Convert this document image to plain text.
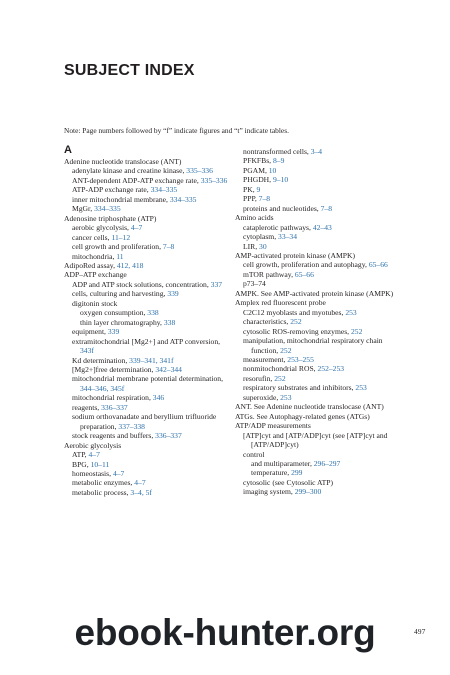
SUBJECT INDEX
Note: Page numbers followed by “f” indicate figures and “t” indicate tables.
A
Adenine nucleotide translocase (ANT)
adenylate kinase and creatine kinase, 335–336
ANT-dependent ADP-ATP exchange rate, 335–336
ATP-ADP exchange rate, 334–335
inner mitochondrial membrane, 334–335
MgGr, 334–335
Adenosine triphosphate (ATP)
aerobic glycolysis, 4–7
cancer cells, 11–12
cell growth and proliferation, 7–8
mitochondria, 11
AdipoRed assay, 412, 418
ADP–ATP exchange
ADP and ATP stock solutions, concentration, 337
cells, culturing and harvesting, 339
digitonin stock
oxygen consumption, 338
thin layer chromatography, 338
equipment, 339
extramitochondrial [Mg2+] and ATP conversion, 343f
Kd determination, 339–341, 341f
[Mg2+]free determination, 342–344
mitochondrial membrane potential determination, 344–346, 345f
mitochondrial respiration, 346
reagents, 336–337
sodium orthovanadate and beryllium trifluoride preparation, 337–338
stock reagents and buffers, 336–337
Aerobic glycolysis
ATP, 4–7
BPG, 10–11
homeostasis, 4–7
metabolic enzymes, 4–7
metabolic process, 3–4, 5f
nontransformed cells, 3–4
PFKFBs, 8–9
PGAM, 10
PHGDH, 9–10
PK, 9
PPP, 7–8
proteins and nucleotides, 7–8
Amino acids
cataplerotic pathways, 42–43
cytoplasm, 33–34
LIR, 30
AMP-activated protein kinase (AMPK)
cell growth, proliferation and autophagy, 65–66
mTOR pathway, 65–66
p73–74
AMPK. See AMP-activated protein kinase (AMPK)
Amplex red fluorescent probe
C2C12 myoblasts and myotubes, 253
characteristics, 252
cytosolic ROS-removing enzymes, 252
manipulation, mitochondrial respiratory chain function, 252
measurement, 253–255
nonmitochondrial ROS, 252–253
resorufin, 252
respiratory substrates and inhibitors, 253
superoxide, 253
ANT. See Adenine nucleotide translocase (ANT)
ATGs. See Autophagy-related genes (ATGs)
ATP/ADP measurements
[ATP]cyt and [ATP/ADP]cyt (see [ATP]cyt and [ATP/ADP]cyt)
control
and multiparameter, 296–297
temperature, 299
cytosolic (see Cytosolic ATP)
imaging system, 299–300
497
ebook-hunter.org
